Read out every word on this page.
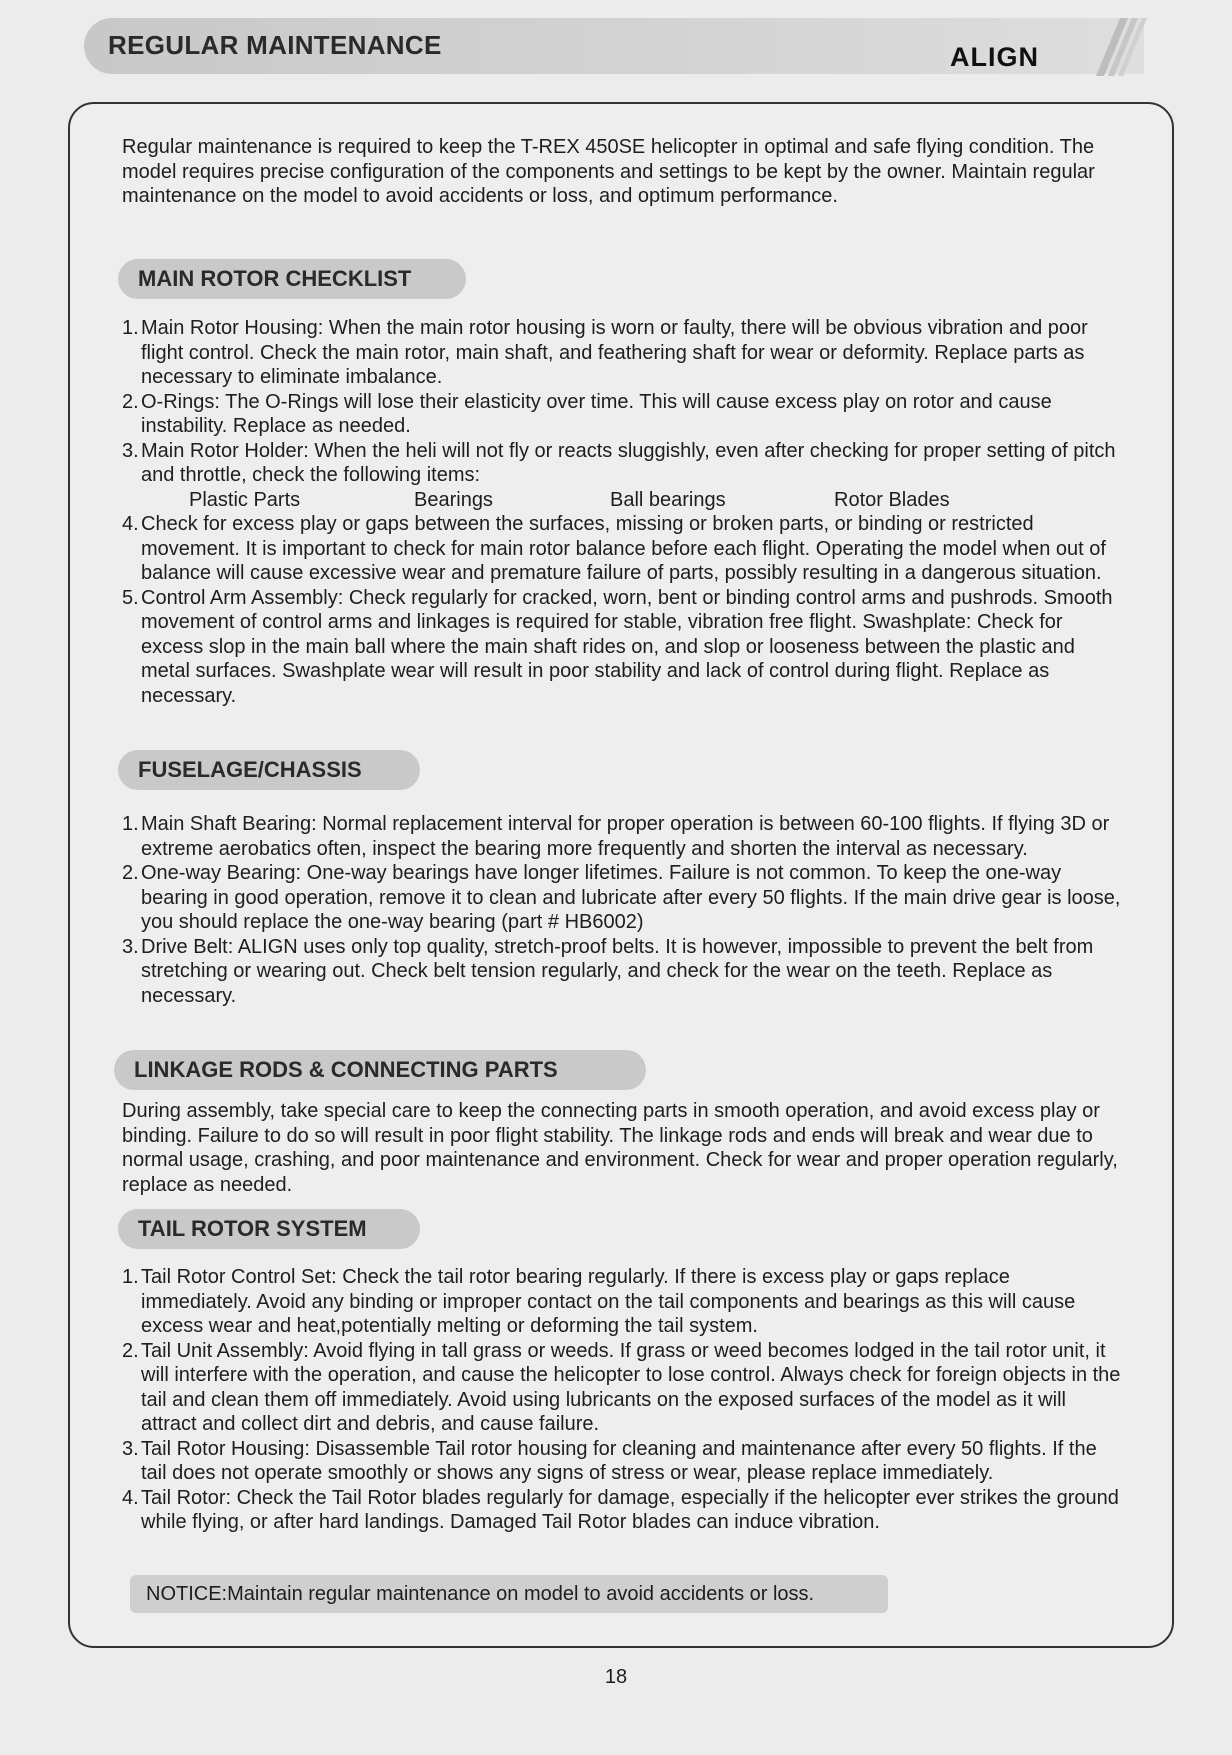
REGULAR MAINTENANCE	ALIGN

Regular maintenance is required to keep the T-REX 450SE helicopter in optimal and safe flying condition. The model requires precise configuration of the components and settings to be kept by the owner. Maintain regular maintenance on the model to avoid accidents or loss, and optimum performance.

MAIN ROTOR CHECKLIST
1. Main Rotor Housing: When the main rotor housing is worn or faulty, there will be obvious vibration and poor flight control. Check the main rotor, main shaft, and feathering shaft for wear or deformity. Replace parts as necessary to eliminate imbalance.
2. O-Rings: The O-Rings will lose their elasticity over time. This will cause excess play on rotor and cause instability. Replace as needed.
3. Main Rotor Holder: When the heli will not fly or reacts sluggishly, even after checking for proper setting of pitch and throttle, check the following items:
Plastic Parts	Bearings	Ball bearings	Rotor Blades
4. Check for excess play or gaps between the surfaces, missing or broken parts, or binding or restricted movement. It is important to check for main rotor balance before each flight. Operating the model when out of balance will cause excessive wear and premature failure of parts, possibly resulting in a dangerous situation.
5. Control Arm Assembly: Check regularly for cracked, worn, bent or binding control arms and pushrods. Smooth movement of control arms and linkages is required for stable, vibration free flight. Swashplate: Check for excess slop in the main ball where the main shaft rides on, and slop or looseness between the plastic and metal surfaces. Swashplate wear will result in poor stability and lack of control during flight. Replace as necessary.
FUSELAGE/CHASSIS
1. Main Shaft Bearing: Normal replacement interval for proper operation is between 60-100 flights. If flying 3D or extreme aerobatics often, inspect the bearing more frequently and shorten the interval as necessary.
2. One-way Bearing: One-way bearings have longer lifetimes. Failure is not common. To keep the one-way bearing in good operation, remove it to clean and lubricate after every 50 flights. If the main drive gear is loose, you should replace the one-way bearing (part # HB6002)
3. Drive Belt: ALIGN uses only top quality, stretch-proof belts. It is however, impossible to prevent the belt from stretching or wearing out. Check belt tension regularly, and check for the wear on the teeth. Replace as necessary.
LINKAGE RODS & CONNECTING PARTS

During assembly, take special care to keep the connecting parts in smooth operation, and avoid excess play or binding. Failure to do so will result in poor flight stability. The linkage rods and ends will break and wear due to normal usage, crashing, and poor maintenance and environment. Check for wear and proper operation regularly, replace as needed.

TAIL ROTOR SYSTEM
1. Tail Rotor Control Set: Check the tail rotor bearing regularly. If there is excess play or gaps replace immediately. Avoid any binding or improper contact on the tail components and bearings as this will cause excess wear and heat,potentially melting or deforming the tail system.
2. Tail Unit Assembly: Avoid flying in tall grass or weeds. If grass or weed becomes lodged in the tail rotor unit, it will interfere with the operation, and cause the helicopter to lose control. Always check for foreign objects in the tail and clean them off immediately. Avoid using lubricants on the exposed surfaces of the model as it will attract and collect dirt and debris, and cause failure.
3. Tail Rotor Housing: Disassemble Tail rotor housing for cleaning and maintenance after every 50 flights. If the tail does not operate smoothly or shows any signs of stress or wear, please replace immediately.
4. Tail Rotor: Check the Tail Rotor blades regularly for damage, especially if the helicopter ever strikes the ground while flying, or after hard landings. Damaged Tail Rotor blades can induce vibration.
NOTICE:Maintain regular maintenance on model to avoid accidents or loss.
18
